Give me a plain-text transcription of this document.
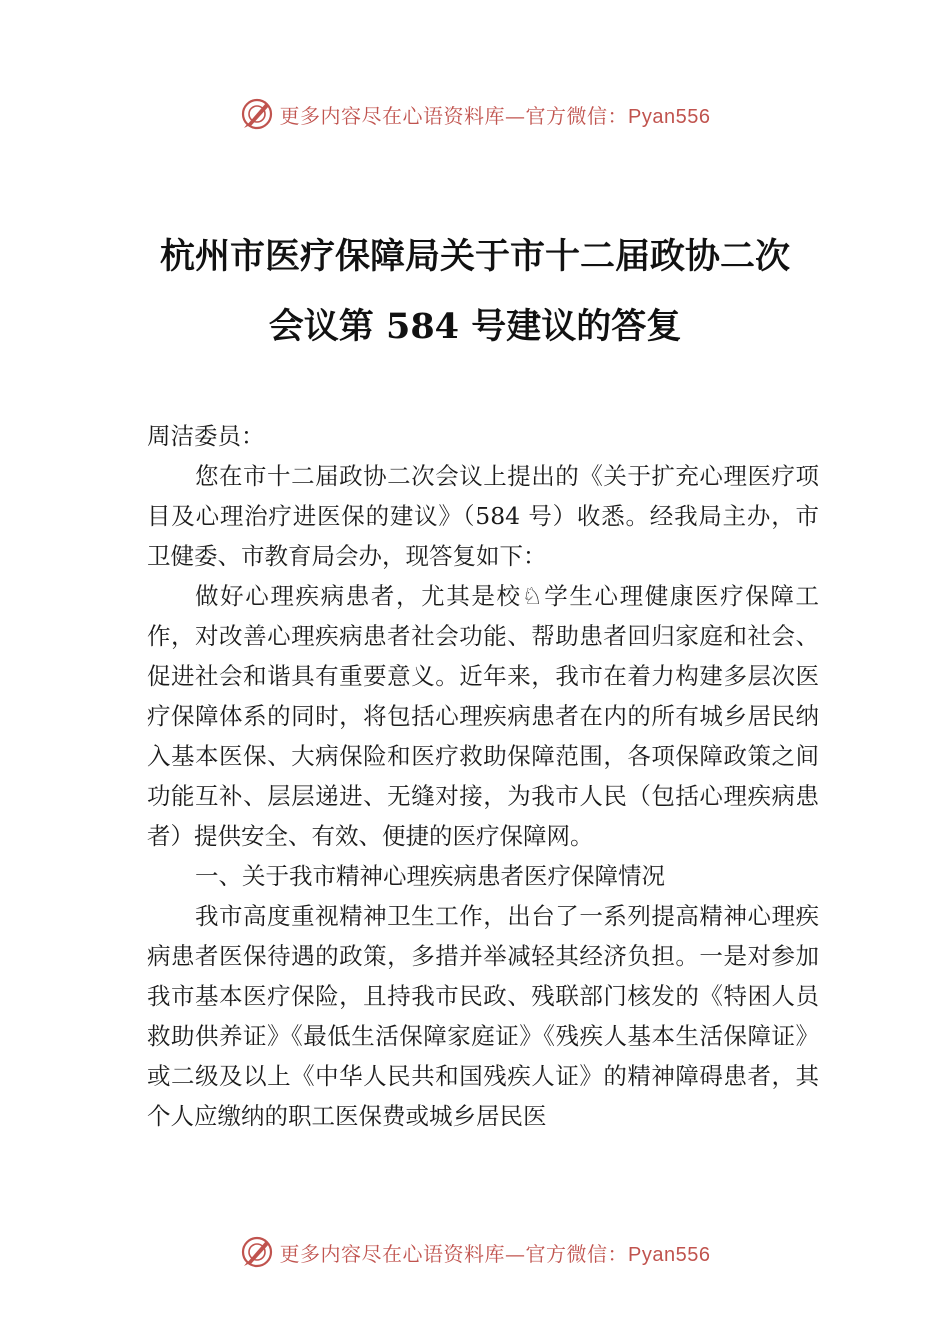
更多内容尽在心语资料库—官方微信：Pyan556
杭州市医疗保障局关于市十二届政协二次
会议第 584 号建议的答复

周洁委员：

您在市十二届政协二次会议上提出的《关于扩充心理医疗项目及心理治疗进医保的建议》（584 号）收悉。经我局主办，市卫健委、市教育局会办，现答复如下：

做好心理疾病患者，尤其是校♘学生心理健康医疗保障工作，对改善心理疾病患者社会功能、帮助患者回归家庭和社会、促进社会和谐具有重要意义。近年来，我市在着力构建多层次医疗保障体系的同时，将包括心理疾病患者在内的所有城乡居民纳入基本医保、大病保险和医疗救助保障范围，各项保障政策之间功能互补、层层递进、无缝对接，为我市人民（包括心理疾病患者）提供安全、有效、便捷的医疗保障网。

一、关于我市精神心理疾病患者医疗保障情况

我市高度重视精神卫生工作，出台了一系列提高精神心理疾病患者医保待遇的政策，多措并举减轻其经济负担。一是对参加我市基本医疗保险，且持我市民政、残联部门核发的《特困人员救助供养证》《最低生活保障家庭证》《残疾人基本生活保障证》或二级及以上《中华人民共和国残疾人证》的精神障碍患者，其个人应缴纳的职工医保费或城乡居民医

更多内容尽在心语资料库—官方微信：Pyan556
